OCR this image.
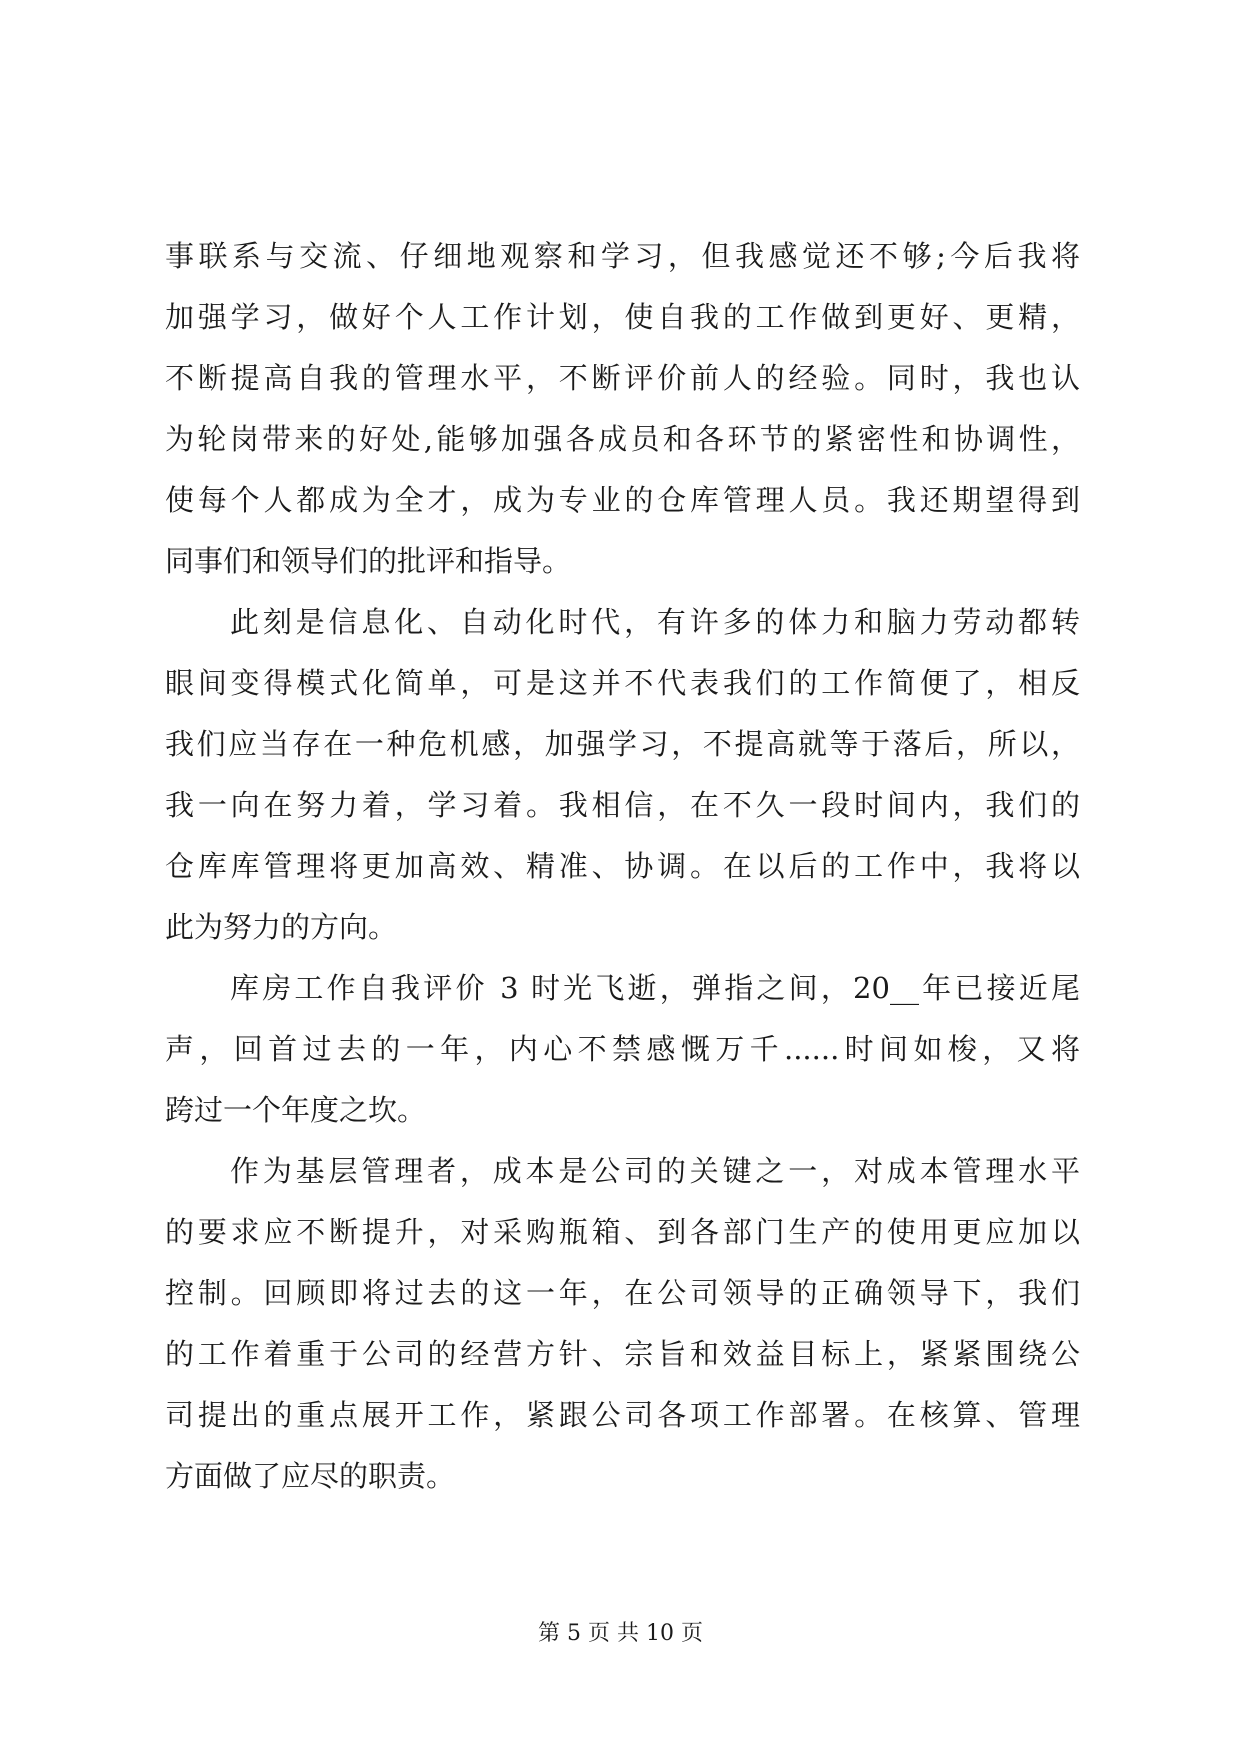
事联系与交流、仔细地观察和学习，但我感觉还不够;今后我将
加强学习，做好个人工作计划，使自我的工作做到更好、更精，
不断提高自我的管理水平，不断评价前人的经验。同时，我也认
为轮岗带来的好处,能够加强各成员和各环节的紧密性和协调性，
使每个人都成为全才，成为专业的仓库管理人员。我还期望得到
同事们和领导们的批评和指导。
此刻是信息化、自动化时代，有许多的体力和脑力劳动都转
眼间变得模式化简单，可是这并不代表我们的工作简便了，相反
我们应当存在一种危机感，加强学习，不提高就等于落后，所以，
我一向在努力着，学习着。我相信，在不久一段时间内，我们的
仓库库管理将更加高效、精准、协调。在以后的工作中，我将以
此为努力的方向。
库房工作自我评价 3 时光飞逝，弹指之间，20__年已接近尾
声，回首过去的一年，内心不禁感慨万千......时间如梭，又将
跨过一个年度之坎。
作为基层管理者，成本是公司的关键之一，对成本管理水平
的要求应不断提升，对采购瓶箱、到各部门生产的使用更应加以
控制。回顾即将过去的这一年，在公司领导的正确领导下，我们
的工作着重于公司的经营方针、宗旨和效益目标上，紧紧围绕公
司提出的重点展开工作，紧跟公司各项工作部署。在核算、管理
方面做了应尽的职责。
第 5 页 共 10 页
